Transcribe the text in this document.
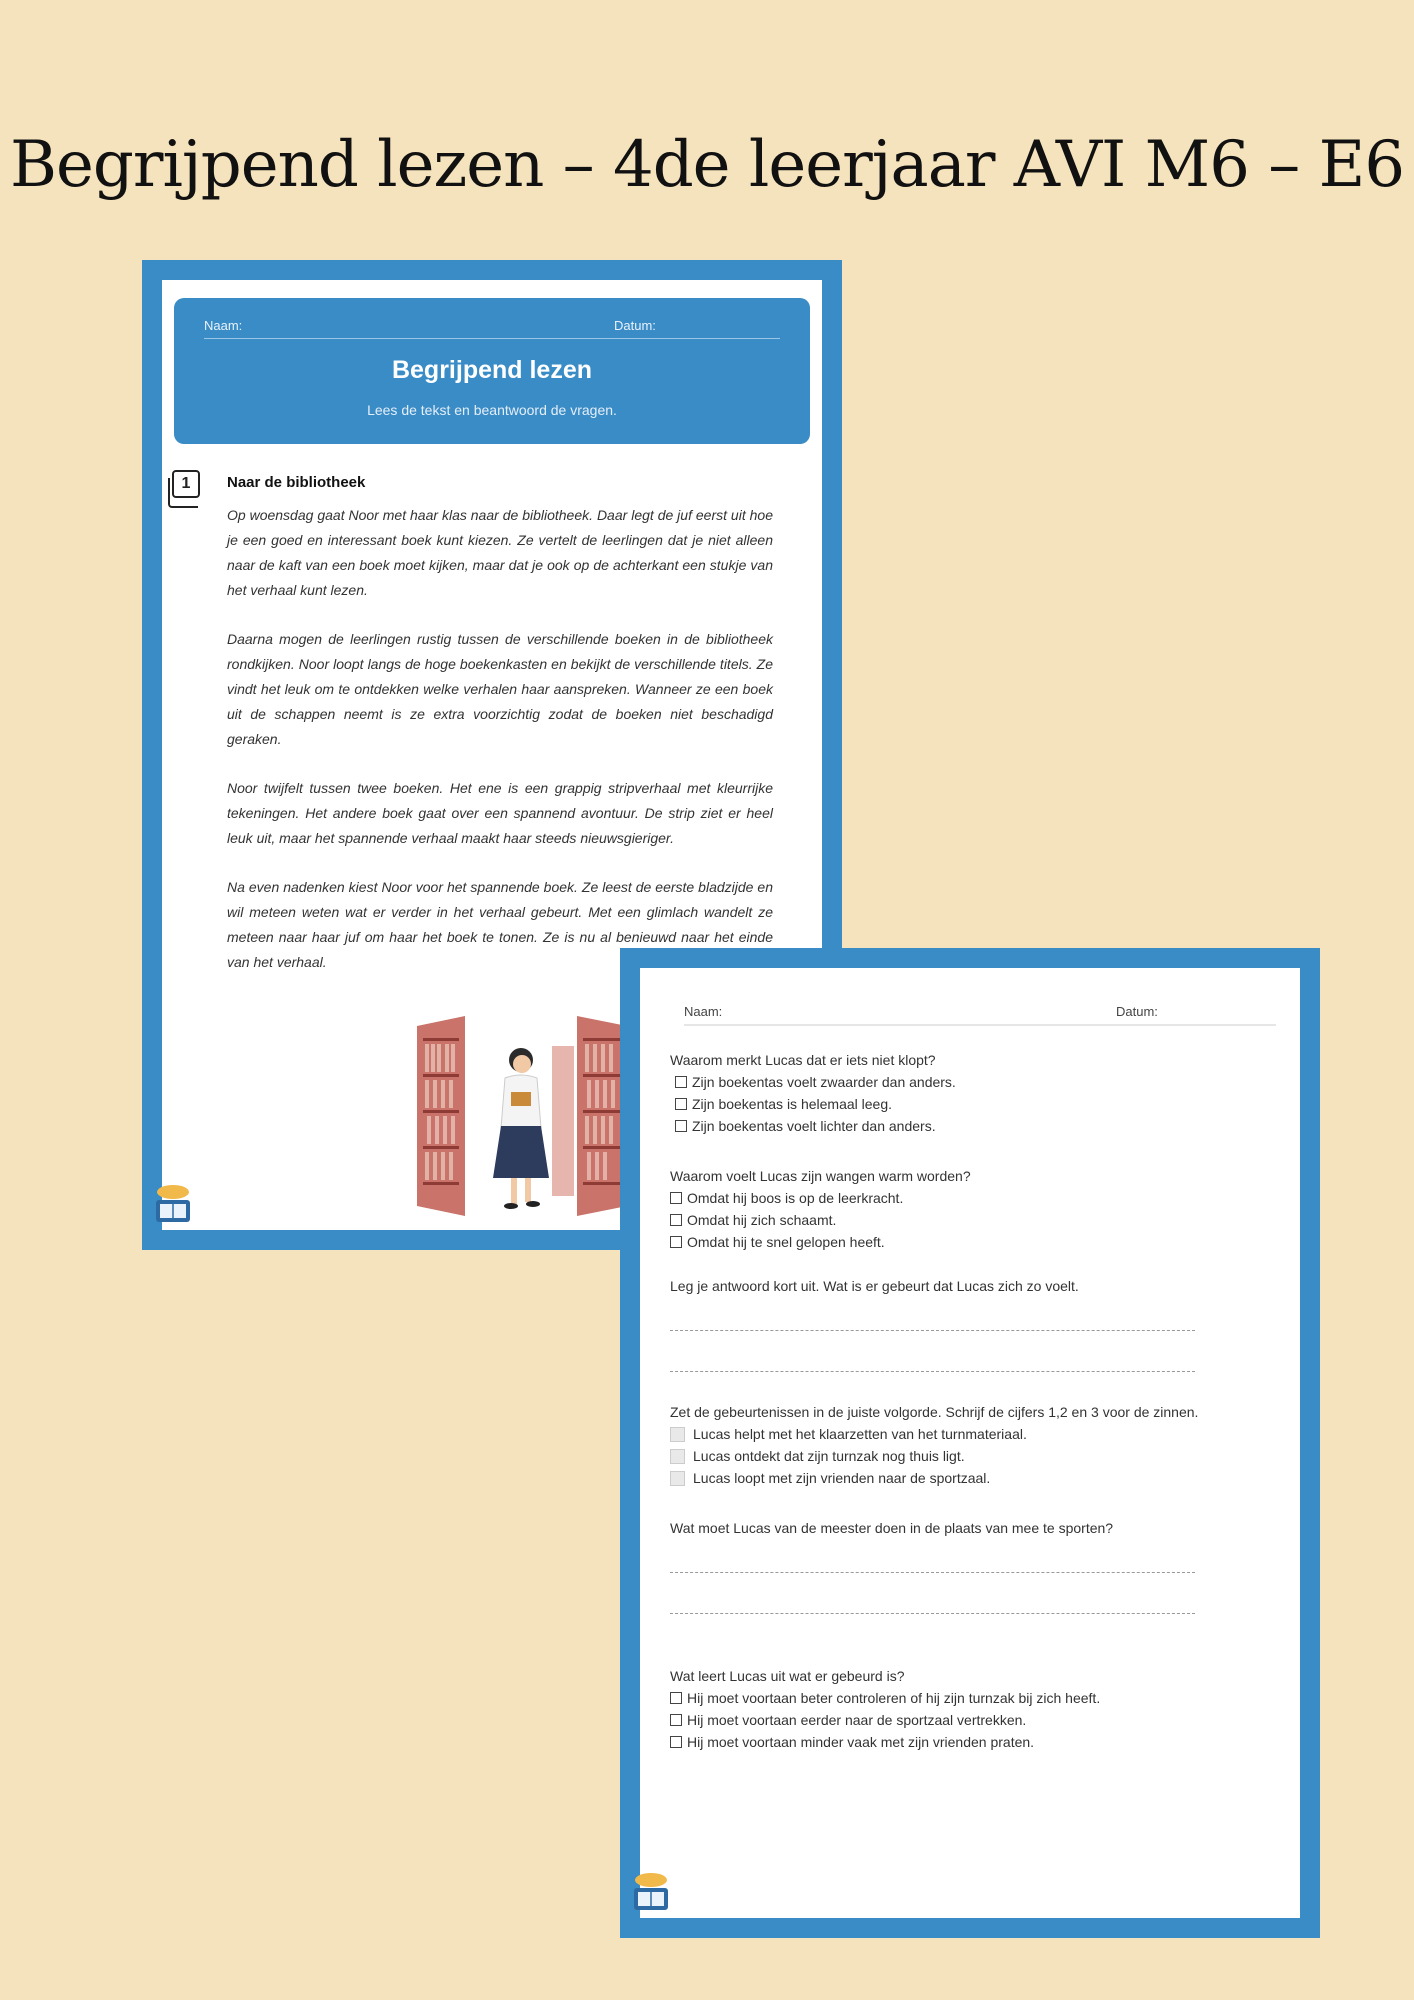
Begrijpend lezen – 4de leerjaar AVI M6 – E6
Naam:	Datum:
Begrijpend lezen
Lees de tekst en beantwoord de vragen.
1	Naar de bibliotheek

Op woensdag gaat Noor met haar klas naar de bibliotheek. Daar legt de juf eerst uit hoe je een goed en interessant boek kunt kiezen. Ze vertelt de leerlingen dat je niet alleen naar de kaft van een boek moet kijken, maar dat je ook op de achterkant een stukje van het verhaal kunt lezen.

Daarna mogen de leerlingen rustig tussen de verschillende boeken in de bibliotheek rondkijken. Noor loopt langs de hoge boekenkasten en bekijkt de verschillende titels. Ze vindt het leuk om te ontdekken welke verhalen haar aanspreken. Wanneer ze een boek uit de schappen neemt is ze extra voorzichtig zodat de boeken niet beschadigd geraken.

Noor twijfelt tussen twee boeken. Het ene is een grappig stripverhaal met kleurrijke tekeningen. Het andere boek gaat over een spannend avontuur. De strip ziet er heel leuk uit, maar het spannende verhaal maakt haar steeds nieuwsgieriger.

Na even nadenken kiest Noor voor het spannende boek. Ze leest de eerste bladzijde en wil meteen weten wat er verder in het verhaal gebeurt. Met een glimlach wandelt ze meteen naar haar juf om haar het boek te tonen. Ze is nu al benieuwd naar het einde van het verhaal.

Naam:	Datum:
Waarom merkt Lucas dat er iets niet klopt?
Zijn boekentas voelt zwaarder dan anders.
Zijn boekentas is helemaal leeg.
Zijn boekentas voelt lichter dan anders.
Waarom voelt Lucas zijn wangen warm worden?
Omdat hij boos is op de leerkracht.
Omdat hij zich schaamt.
Omdat hij te snel gelopen heeft.
Leg je antwoord kort uit. Wat is er gebeurt dat Lucas zich zo voelt.
Zet de gebeurtenissen in de juiste volgorde. Schrijf de cijfers 1,2 en 3 voor de zinnen.
Lucas helpt met het klaarzetten van het turnmateriaal.
Lucas ontdekt dat zijn turnzak nog thuis ligt.
Lucas loopt met zijn vrienden naar de sportzaal.
Wat moet Lucas van de meester doen in de plaats van mee te sporten?
Wat leert Lucas uit wat er gebeurd is?
Hij moet voortaan beter controleren of hij zijn turnzak bij zich heeft.
Hij moet voortaan eerder naar de sportzaal vertrekken.
Hij moet voortaan minder vaak met zijn vrienden praten.
